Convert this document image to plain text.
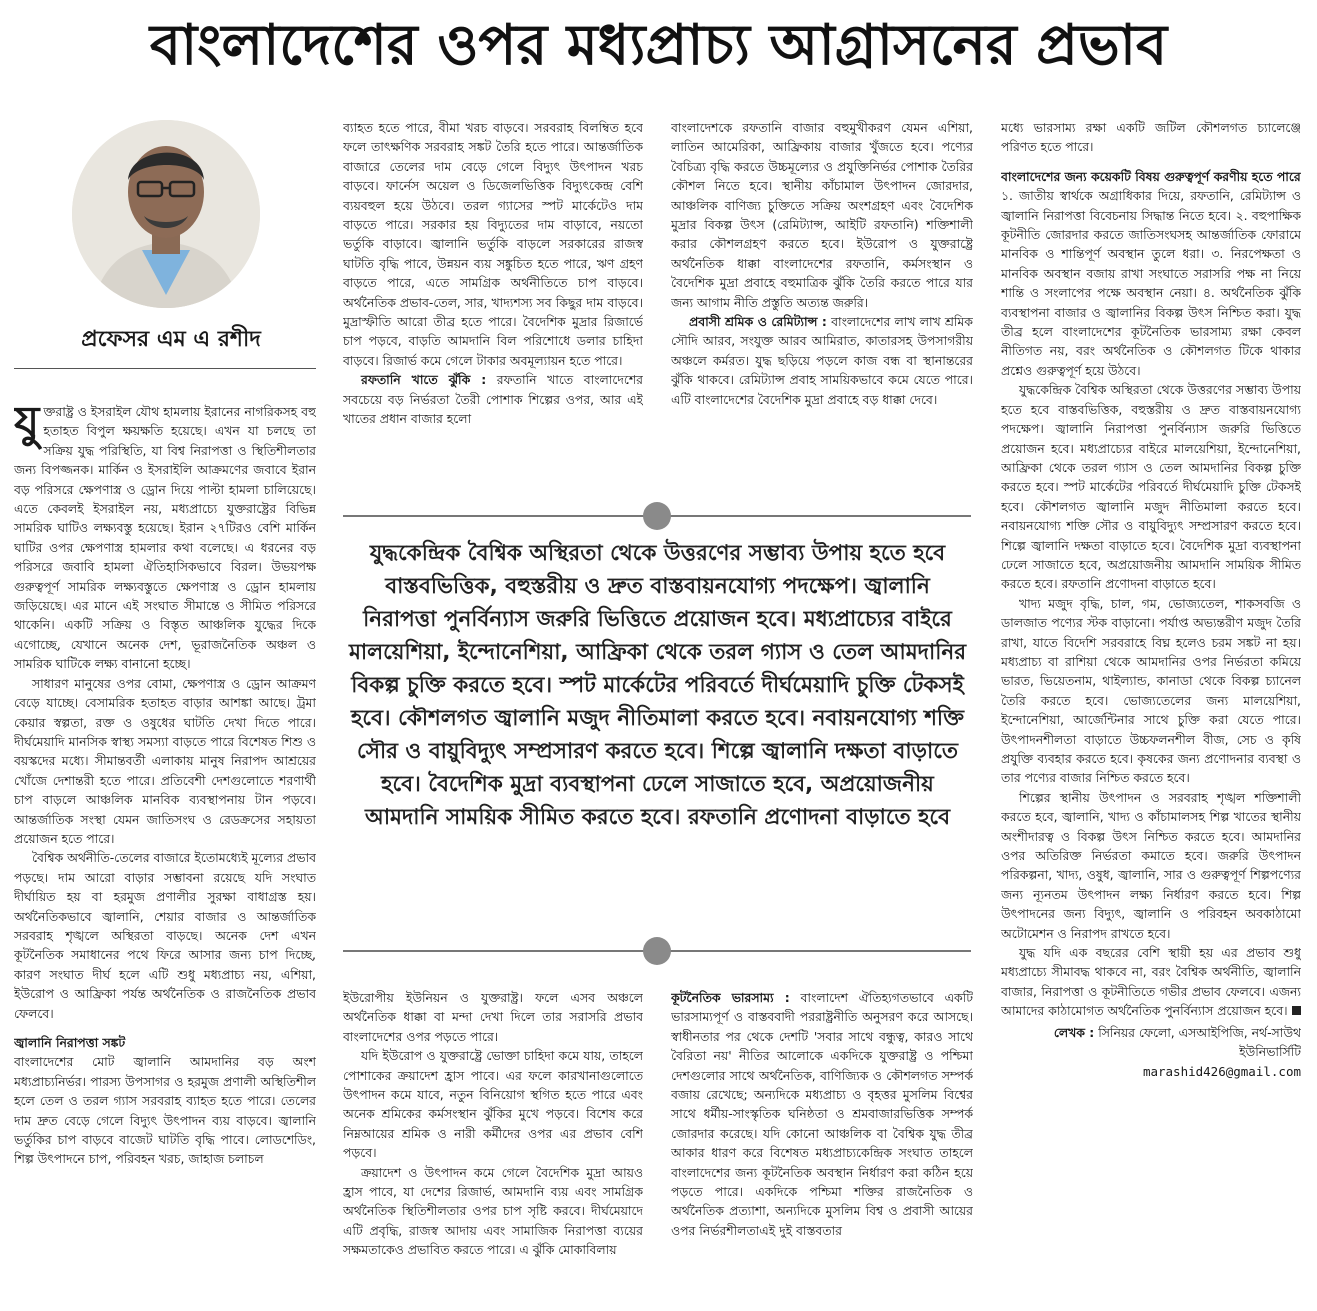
বাংলাদেশের ওপর মধ্যপ্রাচ্য আগ্রাসনের প্রভাব
প্রফেসর এম এ রশীদ

যু ক্তরাষ্ট্র ও ইসরাইল যৌথ হামলায় ইরানের নাগরিকসহ বহু হতাহত বিপুল ক্ষয়ক্ষতি হয়েছে। এখন যা চলছে তা সক্রিয় যুদ্ধ পরিস্থিতি, যা বিশ্ব নিরাপত্তা ও স্থিতিশীলতার জন্য বিপজ্জনক। মার্কিন ও ইসরাইলি আক্রমণের জবাবে ইরান বড় পরিসরে ক্ষেপণাস্ত্র ও ড্রোন দিয়ে পাল্টা হামলা চালিয়েছে। এতে কেবলই ইসরাইল নয়, মধ্যপ্রাচ্যে যুক্তরাষ্ট্রের বিভিন্ন সামরিক ঘাটিও লক্ষ্যবস্তু হয়েছে। ইরান ২৭টিরও বেশি মার্কিন ঘাটির ওপর ক্ষেপণাস্ত্র হামলার কথা বলেছে। এ ধরনের বড় পরিসরে জবাবি হামলা ঐতিহাসিকভাবে বিরল। উভয়পক্ষ গুরুত্বপূর্ণ সামরিক লক্ষ্যবস্তুতে ক্ষেপণাস্ত্র ও ড্রোন হামলায় জড়িয়েছে। এর মানে এই সংঘাত সীমান্তে ও সীমিত পরিসরে থাকেনি। একটি সক্রিয় ও বিস্তৃত আঞ্চলিক যুদ্ধের দিকে এগোচ্ছে, যেখানে অনেক দেশ, ভূরাজনৈতিক অঞ্চল ও সামরিক ঘাটিকে লক্ষ্য বানানো হচ্ছে।

সাধারণ মানুষের ওপর বোমা, ক্ষেপণাস্ত্র ও ড্রোন আক্রমণ বেড়ে যাচ্ছে। বেসামরিক হতাহত বাড়ার আশঙ্কা আছে। ট্রমা কেয়ার স্বল্পতা, রক্ত ও ওষুধের ঘাটতি দেখা দিতে পারে। দীর্ঘমেয়াদি মানসিক স্বাস্থ্য সমস্যা বাড়তে পারে বিশেষত শিশু ও বয়স্কদের মধ্যে। সীমান্তবর্তী এলাকায় মানুষ নিরাপদ আশ্রয়ের খোঁজে দেশান্তরী হতে পারে। প্রতিবেশী দেশগুলোতে শরণার্থী চাপ বাড়লে আঞ্চলিক মানবিক ব্যবস্থাপনায় টান পড়বে। আন্তর্জাতিক সংস্থা যেমন জাতিসংঘ ও রেডক্রসের সহায়তা প্রয়োজন হতে পারে।

বৈশ্বিক অর্থনীতি-তেলের বাজারে ইতোমধ্যেই মূল্যের প্রভাব পড়ছে। দাম আরো বাড়ার সম্ভাবনা রয়েছে যদি সংঘাত দীর্ঘায়িত হয় বা হরমুজ প্রণালীর সুরক্ষা বাধাগ্রস্ত হয়। অর্থনৈতিকভাবে জ্বালানি, শেয়ার বাজার ও আন্তর্জাতিক সরবরাহ শৃঙ্খলে অস্থিরতা বাড়ছে। অনেক দেশ এখন কূটনৈতিক সমাধানের পথে ফিরে আসার জন্য চাপ দিচ্ছে, কারণ সংঘাত দীর্ঘ হলে এটি শুধু মধ্যপ্রাচ্য নয়, এশিয়া, ইউরোপ ও আফ্রিকা পর্যন্ত অর্থনৈতিক ও রাজনৈতিক প্রভাব ফেলবে।

জ্বালানি নিরাপত্তা সঙ্কট

বাংলাদেশের মোট জ্বালানি আমদানির বড় অংশ মধ্যপ্রাচ্যনির্ভর। পারস্য উপসাগর ও হরমুজ প্রণালী অস্থিতিশীল হলে তেল ও তরল গ্যাস সরবরাহ ব্যাহত হতে পারে। তেলের দাম দ্রুত বেড়ে গেলে বিদ্যুৎ উৎপাদন ব্যয় বাড়বে। জ্বালানি ভর্তুকির চাপ বাড়বে বাজেট ঘাটতি বৃদ্ধি পাবে। লোডশেডিং, শিল্প উৎপাদনে চাপ, পরিবহন খরচ, জাহাজ চলাচল

ব্যাহত হতে পারে, বীমা খরচ বাড়বে। সরবরাহ বিলম্বিত হবে ফলে তাৎক্ষণিক সরবরাহ সঙ্কট তৈরি হতে পারে। আন্তর্জাতিক বাজারে তেলের দাম বেড়ে গেলে বিদ্যুৎ উৎপাদন খরচ বাড়বে। ফার্নেস অয়েল ও ডিজেলভিত্তিক বিদ্যুৎকেন্দ্র বেশি ব্যয়বহুল হয়ে উঠবে। তরল গ্যাসের স্পট মার্কেটেও দাম বাড়তে পারে। সরকার হয় বিদ্যুতের দাম বাড়াবে, নয়তো ভর্তুকি বাড়াবে। জ্বালানি ভর্তুকি বাড়লে সরকারের রাজস্ব ঘাটতি বৃদ্ধি পাবে, উন্নয়ন ব্যয় সঙ্কুচিত হতে পারে, ঋণ গ্রহণ বাড়তে পারে, এতে সামগ্রিক অর্থনীতিতে চাপ বাড়বে। অর্থনৈতিক প্রভাব-তেল, সার, খাদ্যশস্য সব কিছুর দাম বাড়বে। মুদ্রাস্ফীতি আরো তীব্র হতে পারে। বৈদেশিক মুদ্রার রিজার্ভে চাপ পড়বে, বাড়তি আমদানি বিল পরিশোধে ডলার চাহিদা বাড়বে। রিজার্ভ কমে গেলে টাকার অবমূল্যায়ন হতে পারে।

রফতানি খাতে ঝুঁকি : রফতানি খাতে বাংলাদেশের সবচেয়ে বড় নির্ভরতা তৈরী পোশাক শিল্পের ওপর, আর এই খাতের প্রধান বাজার হলো

বাংলাদেশকে রফতানি বাজার বহুমুখীকরণ যেমন এশিয়া, লাতিন আমেরিকা, আফ্রিকায় বাজার খুঁজতে হবে। পণ্যের বৈচিত্র্য বৃদ্ধি করতে উচ্চমূল্যের ও প্রযুক্তিনির্ভর পোশাক তৈরির কৌশল নিতে হবে। স্থানীয় কাঁচামাল উৎপাদন জোরদার, আঞ্চলিক বাণিজ্য চুক্তিতে সক্রিয় অংশগ্রহণ এবং বৈদেশিক মুদ্রার বিকল্প উৎস (রেমিট্যান্স, আইটি রফতানি) শক্তিশালী করার কৌশলগ্রহণ করতে হবে। ইউরোপ ও যুক্তরাষ্ট্রে অর্থনৈতিক ধাক্কা বাংলাদেশের রফতানি, কর্মসংস্থান ও বৈদেশিক মুদ্রা প্রবাহে বহুমাত্রিক ঝুঁকি তৈরি করতে পারে যার জন্য আগাম নীতি প্রস্তুতি অত্যন্ত জরুরি।

প্রবাসী শ্রমিক ও রেমিট্যান্স : বাংলাদেশের লাখ লাখ শ্রমিক সৌদি আরব, সংযুক্ত আরব আমিরাত, কাতারসহ উপসাগরীয় অঞ্চলে কর্মরত। যুদ্ধ ছড়িয়ে পড়লে কাজ বন্ধ বা স্থানান্তরের ঝুঁকি থাকবে। রেমিট্যান্স প্রবাহ সাময়িকভাবে কমে যেতে পারে। এটি বাংলাদেশের বৈদেশিক মুদ্রা প্রবাহে বড় ধাক্কা দেবে।

যুদ্ধকেন্দ্রিক বৈশ্বিক অস্থিরতা থেকে উত্তরণের সম্ভাব্য উপায় হতে হবে বাস্তবভিত্তিক, বহুস্তরীয় ও দ্রুত বাস্তবায়নযোগ্য পদক্ষেপ। জ্বালানি নিরাপত্তা পুনর্বিন্যাস জরুরি ভিত্তিতে প্রয়োজন হবে। মধ্যপ্রাচ্যের বাইরে মালয়েশিয়া, ইন্দোনেশিয়া, আফ্রিকা থেকে তরল গ্যাস ও তেল আমদানির বিকল্প চুক্তি করতে হবে। স্পট মার্কেটের পরিবর্তে দীর্ঘমেয়াদি চুক্তি টেকসই হবে। কৌশলগত জ্বালানি মজুদ নীতিমালা করতে হবে। নবায়নযোগ্য শক্তি সৌর ও বায়ুবিদ্যুৎ সম্প্রসারণ করতে হবে। শিল্পে জ্বালানি দক্ষতা বাড়াতে হবে। বৈদেশিক মুদ্রা ব্যবস্থাপনা ঢেলে সাজাতে হবে, অপ্রয়োজনীয় আমদানি সাময়িক সীমিত করতে হবে। রফতানি প্রণোদনা বাড়াতে হবে

ইউরোপীয় ইউনিয়ন ও যুক্তরাষ্ট্র। ফলে এসব অঞ্চলে অর্থনৈতিক ধাক্কা বা মন্দা দেখা দিলে তার সরাসরি প্রভাব বাংলাদেশের ওপর পড়তে পারে।

যদি ইউরোপ ও যুক্তরাষ্ট্রে ভোক্তা চাহিদা কমে যায়, তাহলে পোশাকের ক্রয়াদেশ হ্রাস পাবে। এর ফলে কারখানাগুলোতে উৎপাদন কমে যাবে, নতুন বিনিয়োগ স্থগিত হতে পারে এবং অনেক শ্রমিকের কর্মসংস্থান ঝুঁকির মুখে পড়বে। বিশেষ করে নিম্নআয়ের শ্রমিক ও নারী কর্মীদের ওপর এর প্রভাব বেশি পড়বে।

ক্রয়াদেশ ও উৎপাদন কমে গেলে বৈদেশিক মুদ্রা আয়ও হ্রাস পাবে, যা দেশের রিজার্ভ, আমদানি ব্যয় এবং সামগ্রিক অর্থনৈতিক স্থিতিশীলতার ওপর চাপ সৃষ্টি করবে। দীর্ঘমেয়াদে এটি প্রবৃদ্ধি, রাজস্ব আদায় এবং সামাজিক নিরাপত্তা ব্যয়ের সক্ষমতাকেও প্রভাবিত করতে পারে। এ ঝুঁকি মোকাবিলায়

কূটনৈতিক ভারসাম্য : বাংলাদেশ ঐতিহ্যগতভাবে একটি ভারসাম্যপূর্ণ ও বাস্তববাদী পররাষ্ট্রনীতি অনুসরণ করে আসছে। স্বাধীনতার পর থেকে দেশটি 'সবার সাথে বন্ধুত্ব, কারও সাথে বৈরিতা নয়' নীতির আলোকে একদিকে যুক্তরাষ্ট্র ও পশ্চিমা দেশগুলোর সাথে অর্থনৈতিক, বাণিজ্যিক ও কৌশলগত সম্পর্ক বজায় রেখেছে; অন্যদিকে মধ্যপ্রাচ্য ও বৃহত্তর মুসলিম বিশ্বের সাথে ধর্মীয়-সাংস্কৃতিক ঘনিষ্ঠতা ও শ্রমবাজারভিত্তিক সম্পর্ক জোরদার করেছে। যদি কোনো আঞ্চলিক বা বৈশ্বিক যুদ্ধ তীব্র আকার ধারণ করে বিশেষত মধ্যপ্রাচ্যকেন্দ্রিক সংঘাত তাহলে বাংলাদেশের জন্য কূটনৈতিক অবস্থান নির্ধারণ করা কঠিন হয়ে পড়তে পারে। একদিকে পশ্চিমা শক্তির রাজনৈতিক ও অর্থনৈতিক প্রত্যাশা, অন্যদিকে মুসলিম বিশ্ব ও প্রবাসী আয়ের ওপর নির্ভরশীলতাএই দুই বাস্তবতার

মধ্যে ভারসাম্য রক্ষা একটি জটিল কৌশলগত চ্যালেঞ্জে পরিণত হতে পারে।

বাংলাদেশের জন্য কয়েকটি বিষয় গুরুত্বপূর্ণ করণীয় হতে পারে

১. জাতীয় স্বার্থকে অগ্রাধিকার দিয়ে, রফতানি, রেমিট্যান্স ও জ্বালানি নিরাপত্তা বিবেচনায় সিদ্ধান্ত নিতে হবে। ২. বহুপাক্ষিক কূটনীতি জোরদার করতে জাতিসংঘসহ আন্তর্জাতিক ফোরামে মানবিক ও শান্তিপূর্ণ অবস্থান তুলে ধরা। ৩. নিরপেক্ষতা ও মানবিক অবস্থান বজায় রাখা সংঘাতে সরাসরি পক্ষ না নিয়ে শান্তি ও সংলাপের পক্ষে অবস্থান নেয়া। ৪. অর্থনৈতিক ঝুঁকি ব্যবস্থাপনা বাজার ও জ্বালানির বিকল্প উৎস নিশ্চিত করা। যুদ্ধ তীব্র হলে বাংলাদেশের কূটনৈতিক ভারসাম্য রক্ষা কেবল নীতিগত নয়, বরং অর্থনৈতিক ও কৌশলগত টিকে থাকার প্রশ্নেও গুরুত্বপূর্ণ হয়ে উঠবে।

যুদ্ধকেন্দ্রিক বৈশ্বিক অস্থিরতা থেকে উত্তরণের সম্ভাব্য উপায় হতে হবে বাস্তবভিত্তিক, বহুস্তরীয় ও দ্রুত বাস্তবায়নযোগ্য পদক্ষেপ। জ্বালানি নিরাপত্তা পুনর্বিন্যাস জরুরি ভিত্তিতে প্রয়োজন হবে। মধ্যপ্রাচ্যের বাইরে মালয়েশিয়া, ইন্দোনেশিয়া, আফ্রিকা থেকে তরল গ্যাস ও তেল আমদানির বিকল্প চুক্তি করতে হবে। স্পট মার্কেটের পরিবর্তে দীর্ঘমেয়াদি চুক্তি টেকসই হবে। কৌশলগত জ্বালানি মজুদ নীতিমালা করতে হবে। নবায়নযোগ্য শক্তি সৌর ও বায়ুবিদ্যুৎ সম্প্রসারণ করতে হবে। শিল্পে জ্বালানি দক্ষতা বাড়াতে হবে। বৈদেশিক মুদ্রা ব্যবস্থাপনা ঢেলে সাজাতে হবে, অপ্রয়োজনীয় আমদানি সাময়িক সীমিত করতে হবে। রফতানি প্রণোদনা বাড়াতে হবে।

খাদ্য মজুদ বৃদ্ধি, চাল, গম, ভোজ্যতেল, শাকসবজি ও ডালজাত পণ্যের স্টক বাড়ানো। পর্যাপ্ত অভ্যন্তরীণ মজুদ তৈরি রাখা, যাতে বিদেশি সরবরাহে বিঘ্ন হলেও চরম সঙ্কট না হয়। মধ্যপ্রাচ্য বা রাশিয়া থেকে আমদানির ওপর নির্ভরতা কমিয়ে ভারত, ভিয়েতনাম, থাইল্যান্ড, কানাডা থেকে বিকল্প চ্যানেল তৈরি করতে হবে। ভোজ্যতেলের জন্য মালয়েশিয়া, ইন্দোনেশিয়া, আর্জেন্টিনার সাথে চুক্তি করা যেতে পারে। উৎপাদনশীলতা বাড়াতে উচ্চফলনশীল বীজ, সেচ ও কৃষি প্রযুক্তি ব্যবহার করতে হবে। কৃষকের জন্য প্রণোদনার ব্যবস্থা ও তার পণ্যের বাজার নিশ্চিত করতে হবে।

শিল্পের স্থানীয় উৎপাদন ও সরবরাহ শৃঙ্খল শক্তিশালী করতে হবে, জ্বালানি, খাদ্য ও কাঁচামালসহ শিল্প খাতের স্থানীয় অংশীদারত্ব ও বিকল্প উৎস নিশ্চিত করতে হবে। আমদানির ওপর অতিরিক্ত নির্ভরতা কমাতে হবে। জরুরি উৎপাদন পরিকল্পনা, খাদ্য, ওষুধ, জ্বালানি, সার ও গুরুত্বপূর্ণ শিল্পপণ্যের জন্য ন্যূনতম উৎপাদন লক্ষ্য নির্ধারণ করতে হবে। শিল্প উৎপাদনের জন্য বিদ্যুৎ, জ্বালানি ও পরিবহন অবকাঠামো অটোমেশন ও নিরাপদ রাখতে হবে।

যুদ্ধ যদি এক বছরের বেশি স্থায়ী হয় এর প্রভাব শুধু মধ্যপ্রাচ্যে সীমাবদ্ধ থাকবে না, বরং বৈশ্বিক অর্থনীতি, জ্বালানি বাজার, নিরাপত্তা ও কূটনীতিতে গভীর প্রভাব ফেলবে। এজন্য আমাদের কাঠামোগত অর্থনৈতিক পুনর্বিন্যাস প্রয়োজন হবে।

লেখক : সিনিয়র ফেলো, এসআইপিজি, নর্থ-সাউথ ইউনিভার্সিটি

marashid426@gmail.com
